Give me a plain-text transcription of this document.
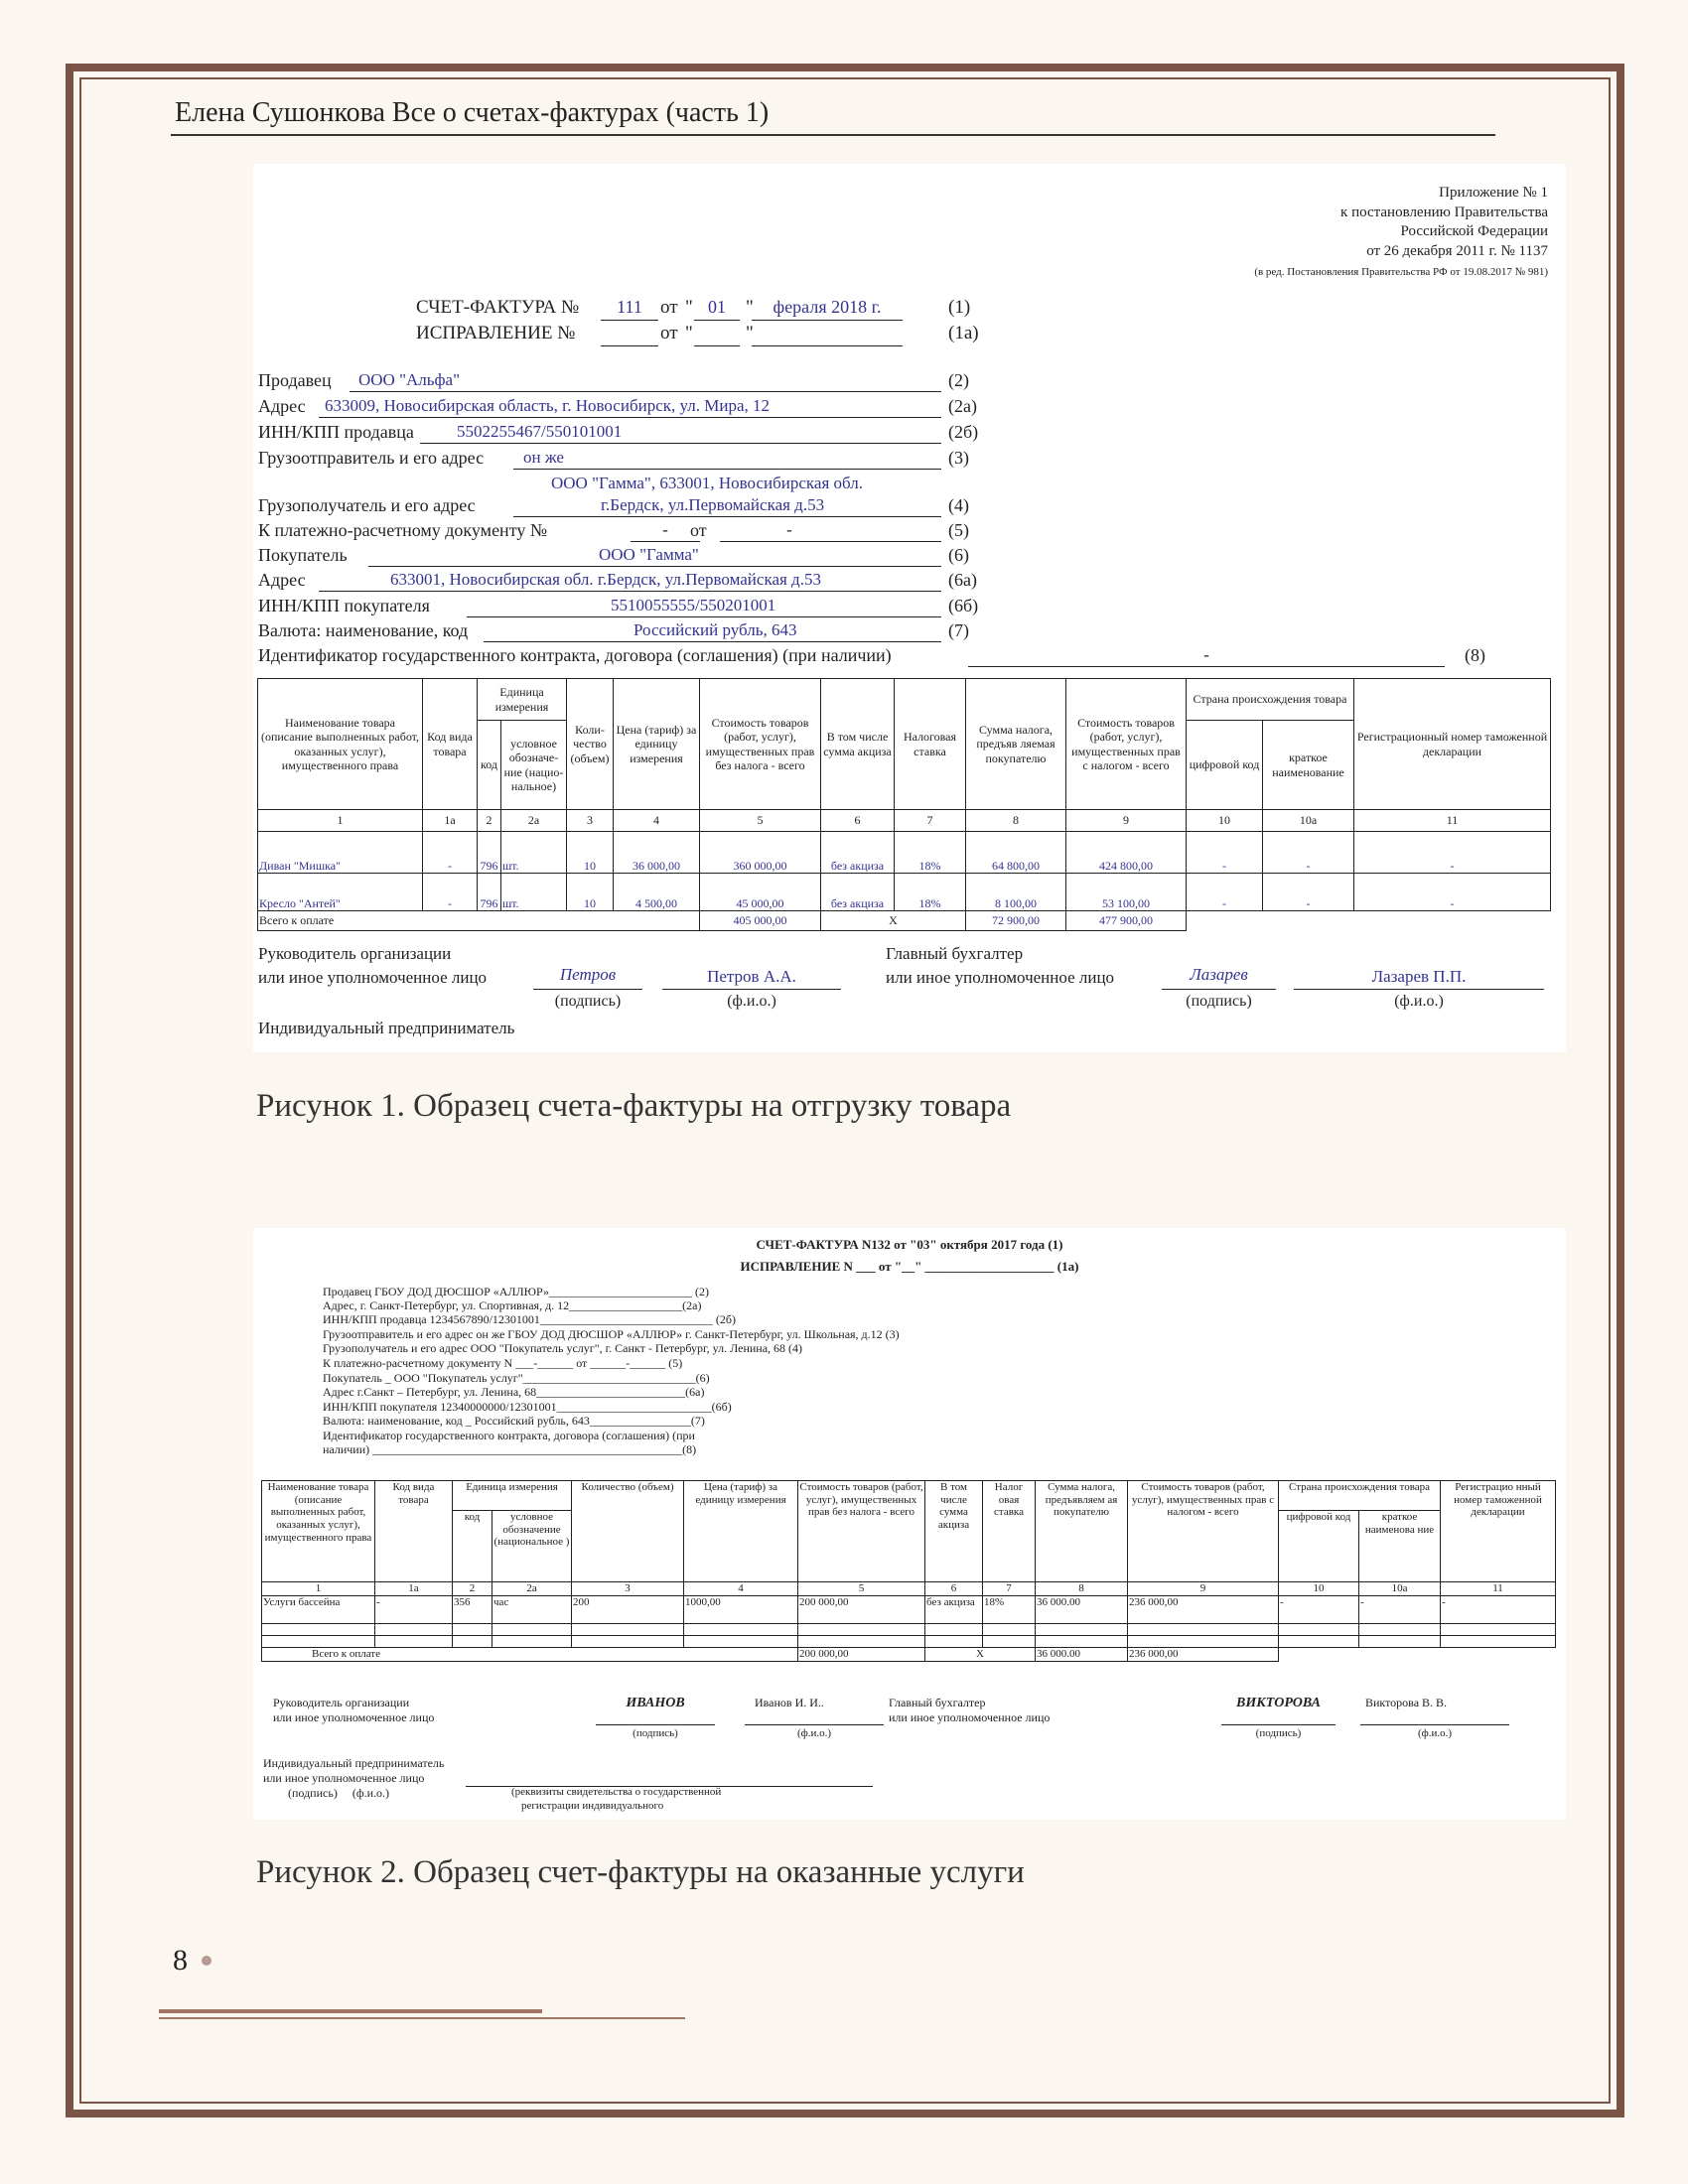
Елена Сушонкова Все о счетах-фактурах (часть 1)
Приложение № 1
к постановлению Правительства
Российской Федерации
от 26 декабря 2011 г. № 1137
(в ред. Постановления Правительства РФ от 19.08.2017 № 981)
СЧЕТ-ФАКТУРА №	111 от " 01	"	фераля 2018 г.	(1)
ИСПРАВЛЕНИЕ №	от "	"	(1а)
Продавец ООО "Альфа"	(2)
Адрес 633009, Новосибирская область, г. Новосибирск, ул. Мира, 12	(2а)
ИНН/КПП продавца	5502255467/550101001	(2б)
Грузоотправитель и его адрес он же	(3)
ООО "Гамма", 633001, Новосибирская обл.
Грузополучатель и его адрес	г.Бердск, ул.Первомайская д.53	(4)
К платежно-расчетному документу №	-	от	-	(5)
Покупатель	ООО "Гамма"	(6)
Адрес	633001, Новосибирская обл. г.Бердск, ул.Первомайская д.53	(6а)
ИНН/КПП покупателя	5510055555/550201001	(6б)
Валюта: наименование, код	Российский рубль, 643	(7)
Идентификатор государственного контракта, договора (соглашения) (при наличии)	-	(8)
Наименование товара (описание выполненных работ, оказанных услуг), имущественного права	Код вида товара	Единица измерения		Коли-чество (объем)	Цена (тариф) за единицу измерения	Стоимость товаров (работ, услуг), имущественных прав без налога - всего	В том числе сумма акциза	Налоговая ставка	Сумма налога, предъяв ляемая покупателю	Стоимость товаров (работ, услуг), имущественных прав с налогом - всего	Страна происхождения товара		Регистрационный номер таможенной декларации
		код	условное обозначе-ние (нацио-нальное)								цифровой код	краткое наименование	
1	1а	2	2а	3	4	5	6	7	8	9	10	10а	11
Диван "Мишка"	-	796	шт.	10	36 000,00	360 000,00	без акциза	18%	64 800,00	424 800,00	-	-	-
Кресло "Антей"	-	796	шт.	10	4 500,00	45 000,00	без акциза	18%	8 100,00	53 100,00	-	-	-
Всего к оплате						405 000,00	X		72 900,00	477 900,00			
Руководитель организации
или иное уполномоченное лицо	Петров	Петров А.А.
(подпись)	(ф.и.о.)
Главный бухгалтер
или иное уполномоченное лицо	Лазарев	Лазарев П.П.
(подпись)	(ф.и.о.)
Индивидуальный предприниматель
Рисунок 1. Образец счета-фактуры на отгрузку товара
СЧЕТ-ФАКТУРА N132 от "03" октября 2017 года (1)
ИСПРАВЛЕНИЕ N ___ от "__" ____________________ (1а)
Продавец ГБОУ ДОД ДЮСШОР «АЛЛЮР»________________________ (2)
Адрес, г. Санкт-Петербург, ул. Спортивная, д. 12___________________(2а)
ИНН/КПП продавца 1234567890/12301001_____________________________ (2б)
Грузоотправитель и его адрес он же ГБОУ ДОД ДЮСШОР «АЛЛЮР» г. Санкт-Петербург, ул. Школьная, д.12 (3)
Грузополучатель и его адрес ООО "Покупатель услуг", г. Санкт - Петербург, ул. Ленина, 68 (4)
К платежно-расчетному документу N ___-______ от ______-______ (5)
Покупатель _ ООО "Покупатель услуг"_____________________________(6)
Адрес г.Санкт – Петербург, ул. Ленина, 68_________________________(6а)
ИНН/КПП покупателя 12340000000/12301001__________________________(6б)
Валюта: наименование, код _ Российский рубль, 643_________________(7)
Идентификатор государственного контракта, договора (соглашения) (при
наличии) ____________________________________________________(8)
Наименование товара (описание выполненных работ, оказанных услуг), имущественного права	Код вида товара	Единица измерения		Количество (объем)	Цена (тариф) за единицу измерения	Стоимость товаров (работ, услуг), имущественных прав без налога - всего	В том числе сумма акциза	Налог овая ставка	Сумма налога, предъявляем ая покупателю	Стоимость товаров (работ, услуг), имущественных прав с налогом - всего	Страна происхождения товара		Регистрацио нный номер таможенной декларации
		код	условное обозначение (национальное )								цифровой код	краткое наименова ние	
1	1а	2	2а	3	4	5	6	7	8	9	10	10а	11
Услуги бассейна	-	356	час	200	1000,00	200 000,00	без акциза	18%	36 000.00	236 000,00	-	-	-

Всего к оплате						200 000,00	X		36 000.00	236 000,00			
Руководитель организации
или иное уполномоченное лицо
ИВАНОВ	Иванов И. И..
(подпись)	(ф.и.о.)
Главный бухгалтер
или иное уполномоченное лицо
ВИКТОРОВА	Викторова В. В.
(подпись)	(ф.и.о.)
Индивидуальный предприниматель
или иное уполномоченное лицо
(подпись)     (ф.и.о.)	(реквизиты свидетельства о государственной
регистрации индивидуального
Рисунок 2. Образец счет-фактуры на оказанные услуги
8
